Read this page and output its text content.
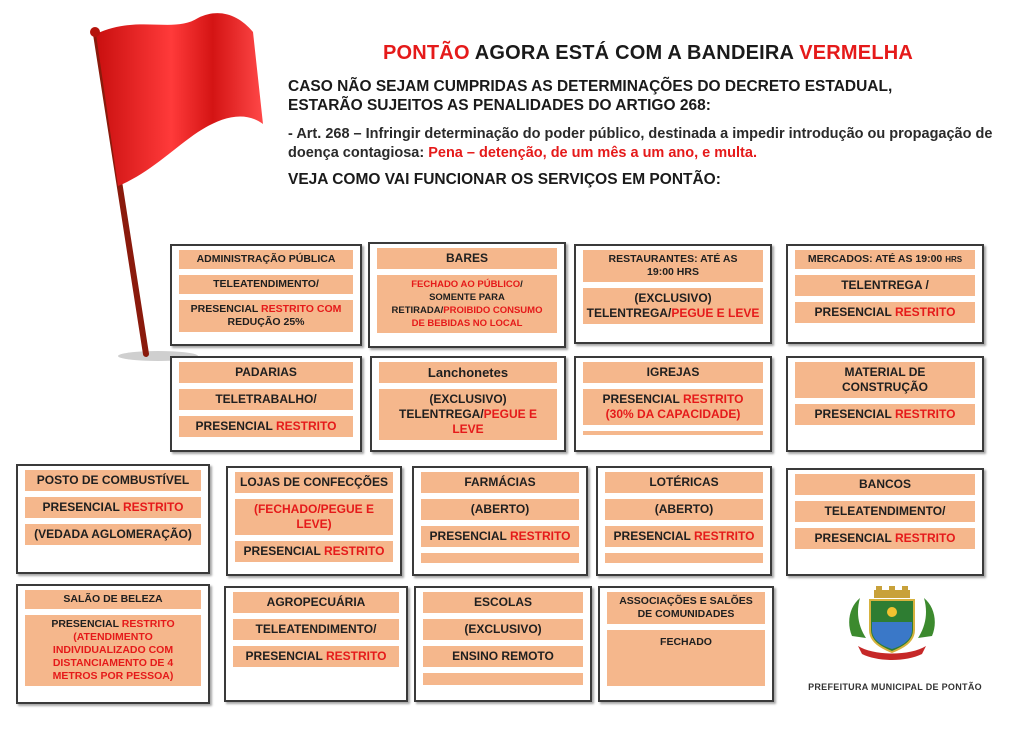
PONTÃO AGORA ESTÁ COM A BANDEIRA VERMELHA

CASO NÃO SEJAM CUMPRIDAS AS DETERMINAÇÕES DO DECRETO ESTADUAL,
ESTARÃO SUJEITOS AS PENALIDADES DO ARTIGO 268:

- Art. 268 – Infringir determinação do poder público, destinada a impedir introdução ou propagação de doença contagiosa: Pena – detenção, de um mês a um ano, e multa.

VEJA COMO VAI FUNCIONAR OS SERVIÇOS EM PONTÃO:

ADMINISTRAÇÃO PÚBLICA
TELEATENDIMENTO/
PRESENCIAL RESTRITO COM
REDUÇÃO 25%
BARES
FECHADO AO PÚBLICO/
SOMENTE PARA
RETIRADA/PROIBIDO CONSUMO
DE BEBIDAS NO LOCAL
RESTAURANTES: ATÉ AS
19:00 HRS
(EXCLUSIVO)
TELENTREGA/PEGUE E LEVE
MERCADOS: ATÉ AS 19:00 HRS
TELENTREGA /
PRESENCIAL RESTRITO
PADARIAS
TELETRABALHO/
PRESENCIAL RESTRITO
Lanchonetes
(EXCLUSIVO)
TELENTREGA/PEGUE E
LEVE
IGREJAS
PRESENCIAL RESTRITO
(30% DA CAPACIDADE)
MATERIAL DE
CONSTRUÇÃO
PRESENCIAL RESTRITO
POSTO DE COMBUSTÍVEL
PRESENCIAL RESTRITO
(VEDADA AGLOMERAÇÃO)
LOJAS DE CONFECÇÕES
(FECHADO/PEGUE E
LEVE)
PRESENCIAL RESTRITO
FARMÁCIAS
(ABERTO)
PRESENCIAL RESTRITO
LOTÉRICAS
(ABERTO)
PRESENCIAL RESTRITO
BANCOS
TELEATENDIMENTO/
PRESENCIAL RESTRITO
SALÃO DE BELEZA
PRESENCIAL RESTRITO
(ATENDIMENTO
INDIVIDUALIZADO COM
DISTANCIAMENTO DE 4
METROS POR PESSOA)
AGROPECUÁRIA
TELEATENDIMENTO/
PRESENCIAL RESTRITO
ESCOLAS
(EXCLUSIVO)
ENSINO REMOTO
ASSOCIAÇÕES E SALÕES
DE COMUNIDADES
FECHADO
PREFEITURA MUNICIPAL DE PONTÃO
